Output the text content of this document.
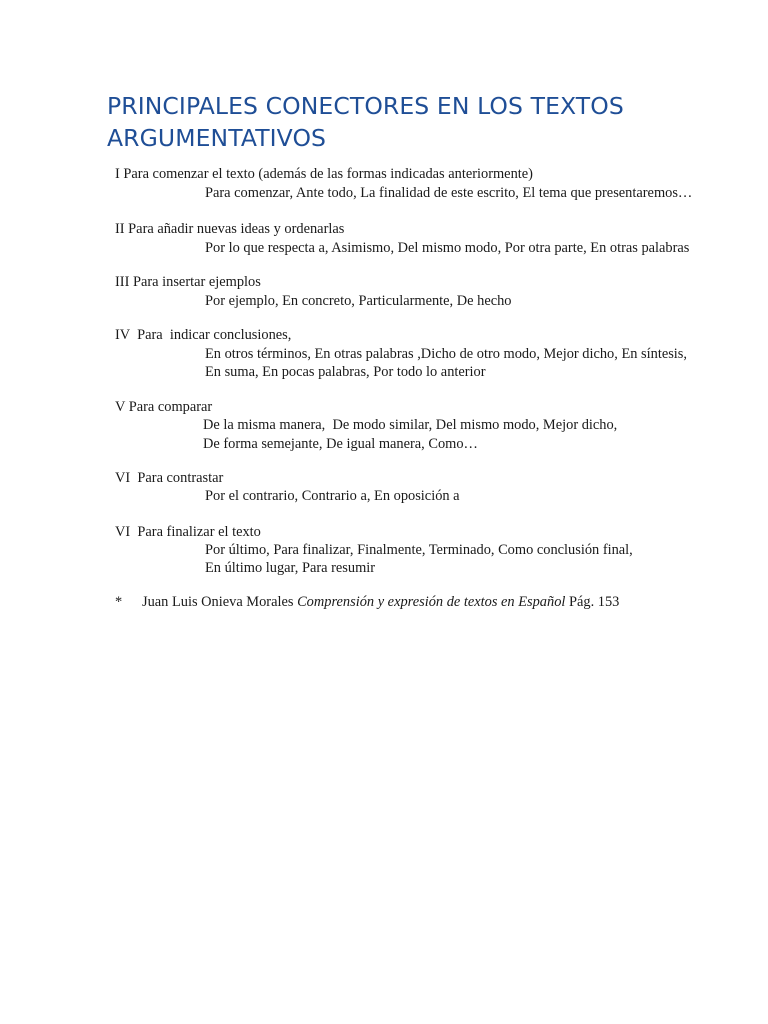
PRINCIPALES CONECTORES EN LOS TEXTOS
ARGUMENTATIVOS
I Para comenzar el texto (además de las formas indicadas anteriormente)
Para comenzar, Ante todo, La finalidad de este escrito, El tema que presentaremos…
II Para añadir nuevas ideas y ordenarlas
Por lo que respecta a, Asimismo, Del mismo modo, Por otra parte, En otras palabras
III Para insertar ejemplos
Por ejemplo, En concreto, Particularmente, De hecho
IV  Para  indicar conclusiones,
En otros términos, En otras palabras ,Dicho de otro modo, Mejor dicho, En síntesis,
En suma, En pocas palabras, Por todo lo anterior
V Para comparar
De la misma manera,  De modo similar, Del mismo modo, Mejor dicho,
De forma semejante, De igual manera, Como…
VI  Para contrastar
Por el contrario, Contrario a, En oposición a
VI  Para finalizar el texto
Por último, Para finalizar, Finalmente, Terminado, Como conclusión final,
En último lugar, Para resumir
* Juan Luis Onieva Morales Comprensión y expresión de textos en Español Pág. 153
